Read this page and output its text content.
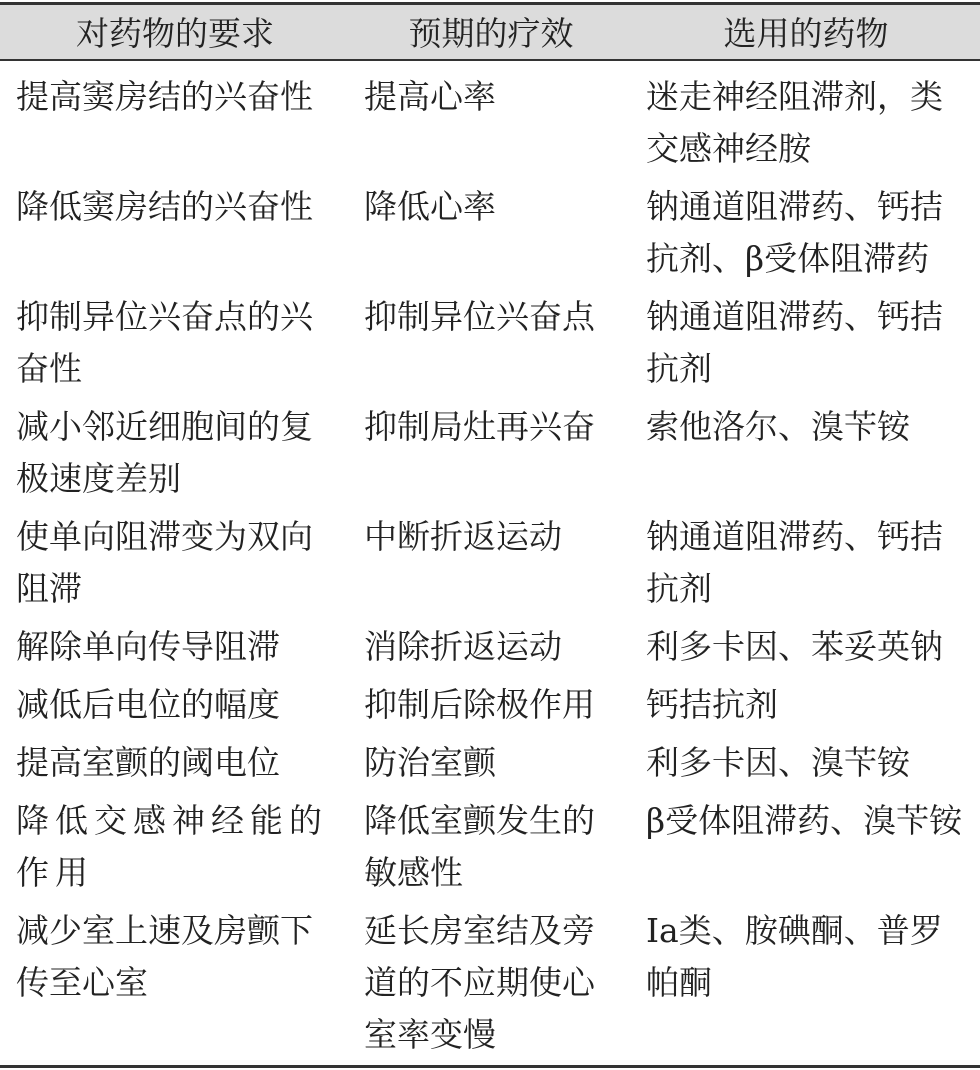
对药物的要求	预期的疗效	选用的药物
提高窦房结的兴奋性	提高心率	迷走神经阻滞剂，类交感神经胺
降低窦房结的兴奋性	降低心率	钠通道阻滞药、钙拮抗剂、β受体阻滞药
抑制异位兴奋点的兴奋性	抑制异位兴奋点	钠通道阻滞药、钙拮抗剂
减小邻近细胞间的复极速度差别	抑制局灶再兴奋	索他洛尔、溴苄铵
使单向阻滞变为双向阻滞	中断折返运动	钠通道阻滞药、钙拮抗剂
解除单向传导阻滞	消除折返运动	利多卡因、苯妥英钠
减低后电位的幅度	抑制后除极作用	钙拮抗剂
提高室颤的阈电位	防治室颤	利多卡因、溴苄铵
降低交感神经能的作用	降低室颤发生的敏感性	β受体阻滞药、溴苄铵
减少室上速及房颤下传至心室	延长房室结及旁道的不应期使心室率变慢	Ⅰa类、胺碘酮、普罗帕酮
